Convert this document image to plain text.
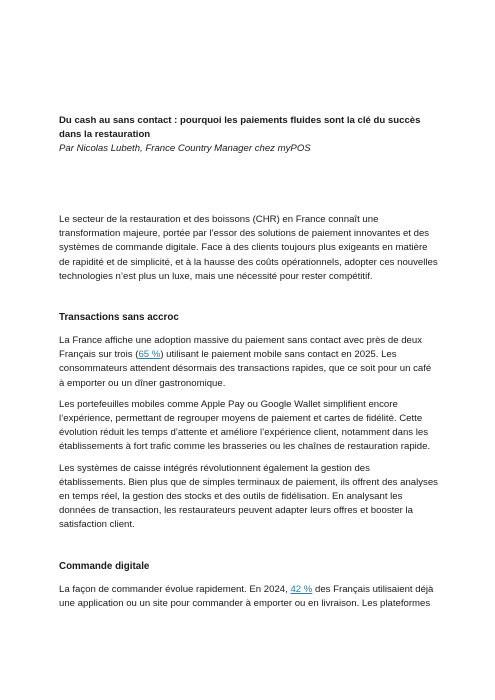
Du cash au sans contact : pourquoi les paiements fluides sont la clé du succès dans la restauration

Par Nicolas Lubeth, France Country Manager chez myPOS

Le secteur de la restauration et des boissons (CHR) en France connaît une transformation majeure, portée par l’essor des solutions de paiement innovantes et des systèmes de commande digitale. Face à des clients toujours plus exigeants en matière de rapidité et de simplicité, et à la hausse des coûts opérationnels, adopter ces nouvelles technologies n’est plus un luxe, mais une nécessité pour rester compétitif.

Transactions sans accroc

La France affiche une adoption massive du paiement sans contact avec près de deux Français sur trois (65 %) utilisant le paiement mobile sans contact en 2025. Les consommateurs attendent désormais des transactions rapides, que ce soit pour un café à emporter ou un dîner gastronomique.

Les portefeuilles mobiles comme Apple Pay ou Google Wallet simplifient encore l’expérience, permettant de regrouper moyens de paiement et cartes de fidélité. Cette évolution réduit les temps d’attente et améliore l’expérience client, notamment dans les établissements à fort trafic comme les brasseries ou les chaînes de restauration rapide.

Les systèmes de caisse intégrés révolutionnent également la gestion des établissements. Bien plus que de simples terminaux de paiement, ils offrent des analyses en temps réel, la gestion des stocks et des outils de fidélisation. En analysant les données de transaction, les restaurateurs peuvent adapter leurs offres et booster la satisfaction client.

Commande digitale

La façon de commander évolue rapidement. En 2024, 42 % des Français utilisaient déjà une application ou un site pour commander à emporter ou en livraison. Les plateformes
